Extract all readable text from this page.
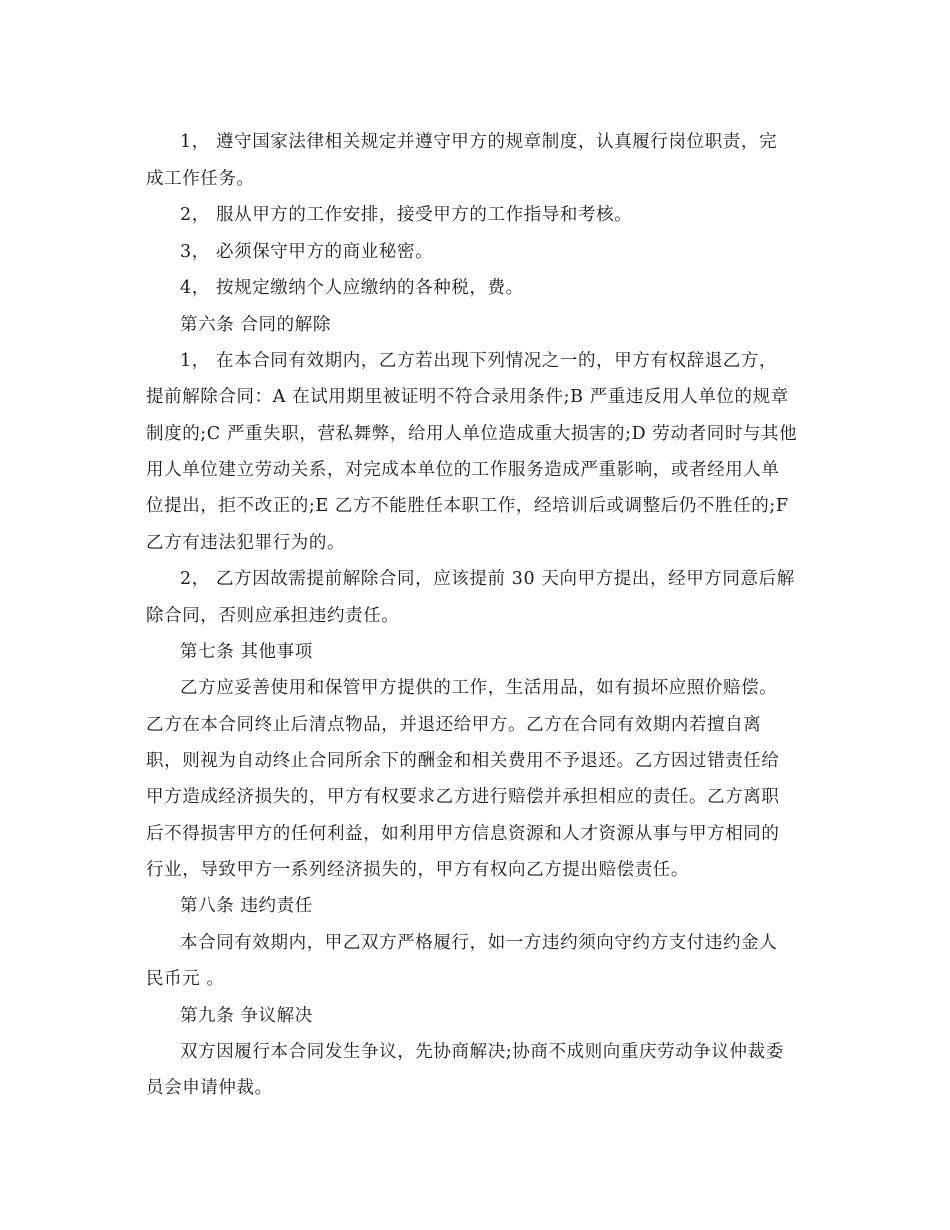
1， 遵守国家法律相关规定并遵守甲方的规章制度，认真履行岗位职责，完
成工作任务。
2， 服从甲方的工作安排，接受甲方的工作指导和考核。
3， 必须保守甲方的商业秘密。
4， 按规定缴纳个人应缴纳的各种税，费。
第六条 合同的解除
1， 在本合同有效期内，乙方若出现下列情况之一的，甲方有权辞退乙方，
提前解除合同：A 在试用期里被证明不符合录用条件;B 严重违反用人单位的规章
制度的;C 严重失职，营私舞弊，给用人单位造成重大损害的;D 劳动者同时与其他
用人单位建立劳动关系，对完成本单位的工作服务造成严重影响，或者经用人单
位提出，拒不改正的;E 乙方不能胜任本职工作，经培训后或调整后仍不胜任的;F
乙方有违法犯罪行为的。
2， 乙方因故需提前解除合同，应该提前 30 天向甲方提出，经甲方同意后解
除合同，否则应承担违约责任。
第七条 其他事项
乙方应妥善使用和保管甲方提供的工作，生活用品，如有损坏应照价赔偿。
乙方在本合同终止后清点物品，并退还给甲方。乙方在合同有效期内若擅自离
职，则视为自动终止合同所余下的酬金和相关费用不予退还。乙方因过错责任给
甲方造成经济损失的，甲方有权要求乙方进行赔偿并承担相应的责任。乙方离职
后不得损害甲方的任何利益，如利用甲方信息资源和人才资源从事与甲方相同的
行业，导致甲方一系列经济损失的，甲方有权向乙方提出赔偿责任。
第八条 违约责任
本合同有效期内，甲乙双方严格履行，如一方违约须向守约方支付违约金人
民币元 。
第九条 争议解决
双方因履行本合同发生争议，先协商解决;协商不成则向重庆劳动争议仲裁委
员会申请仲裁。
